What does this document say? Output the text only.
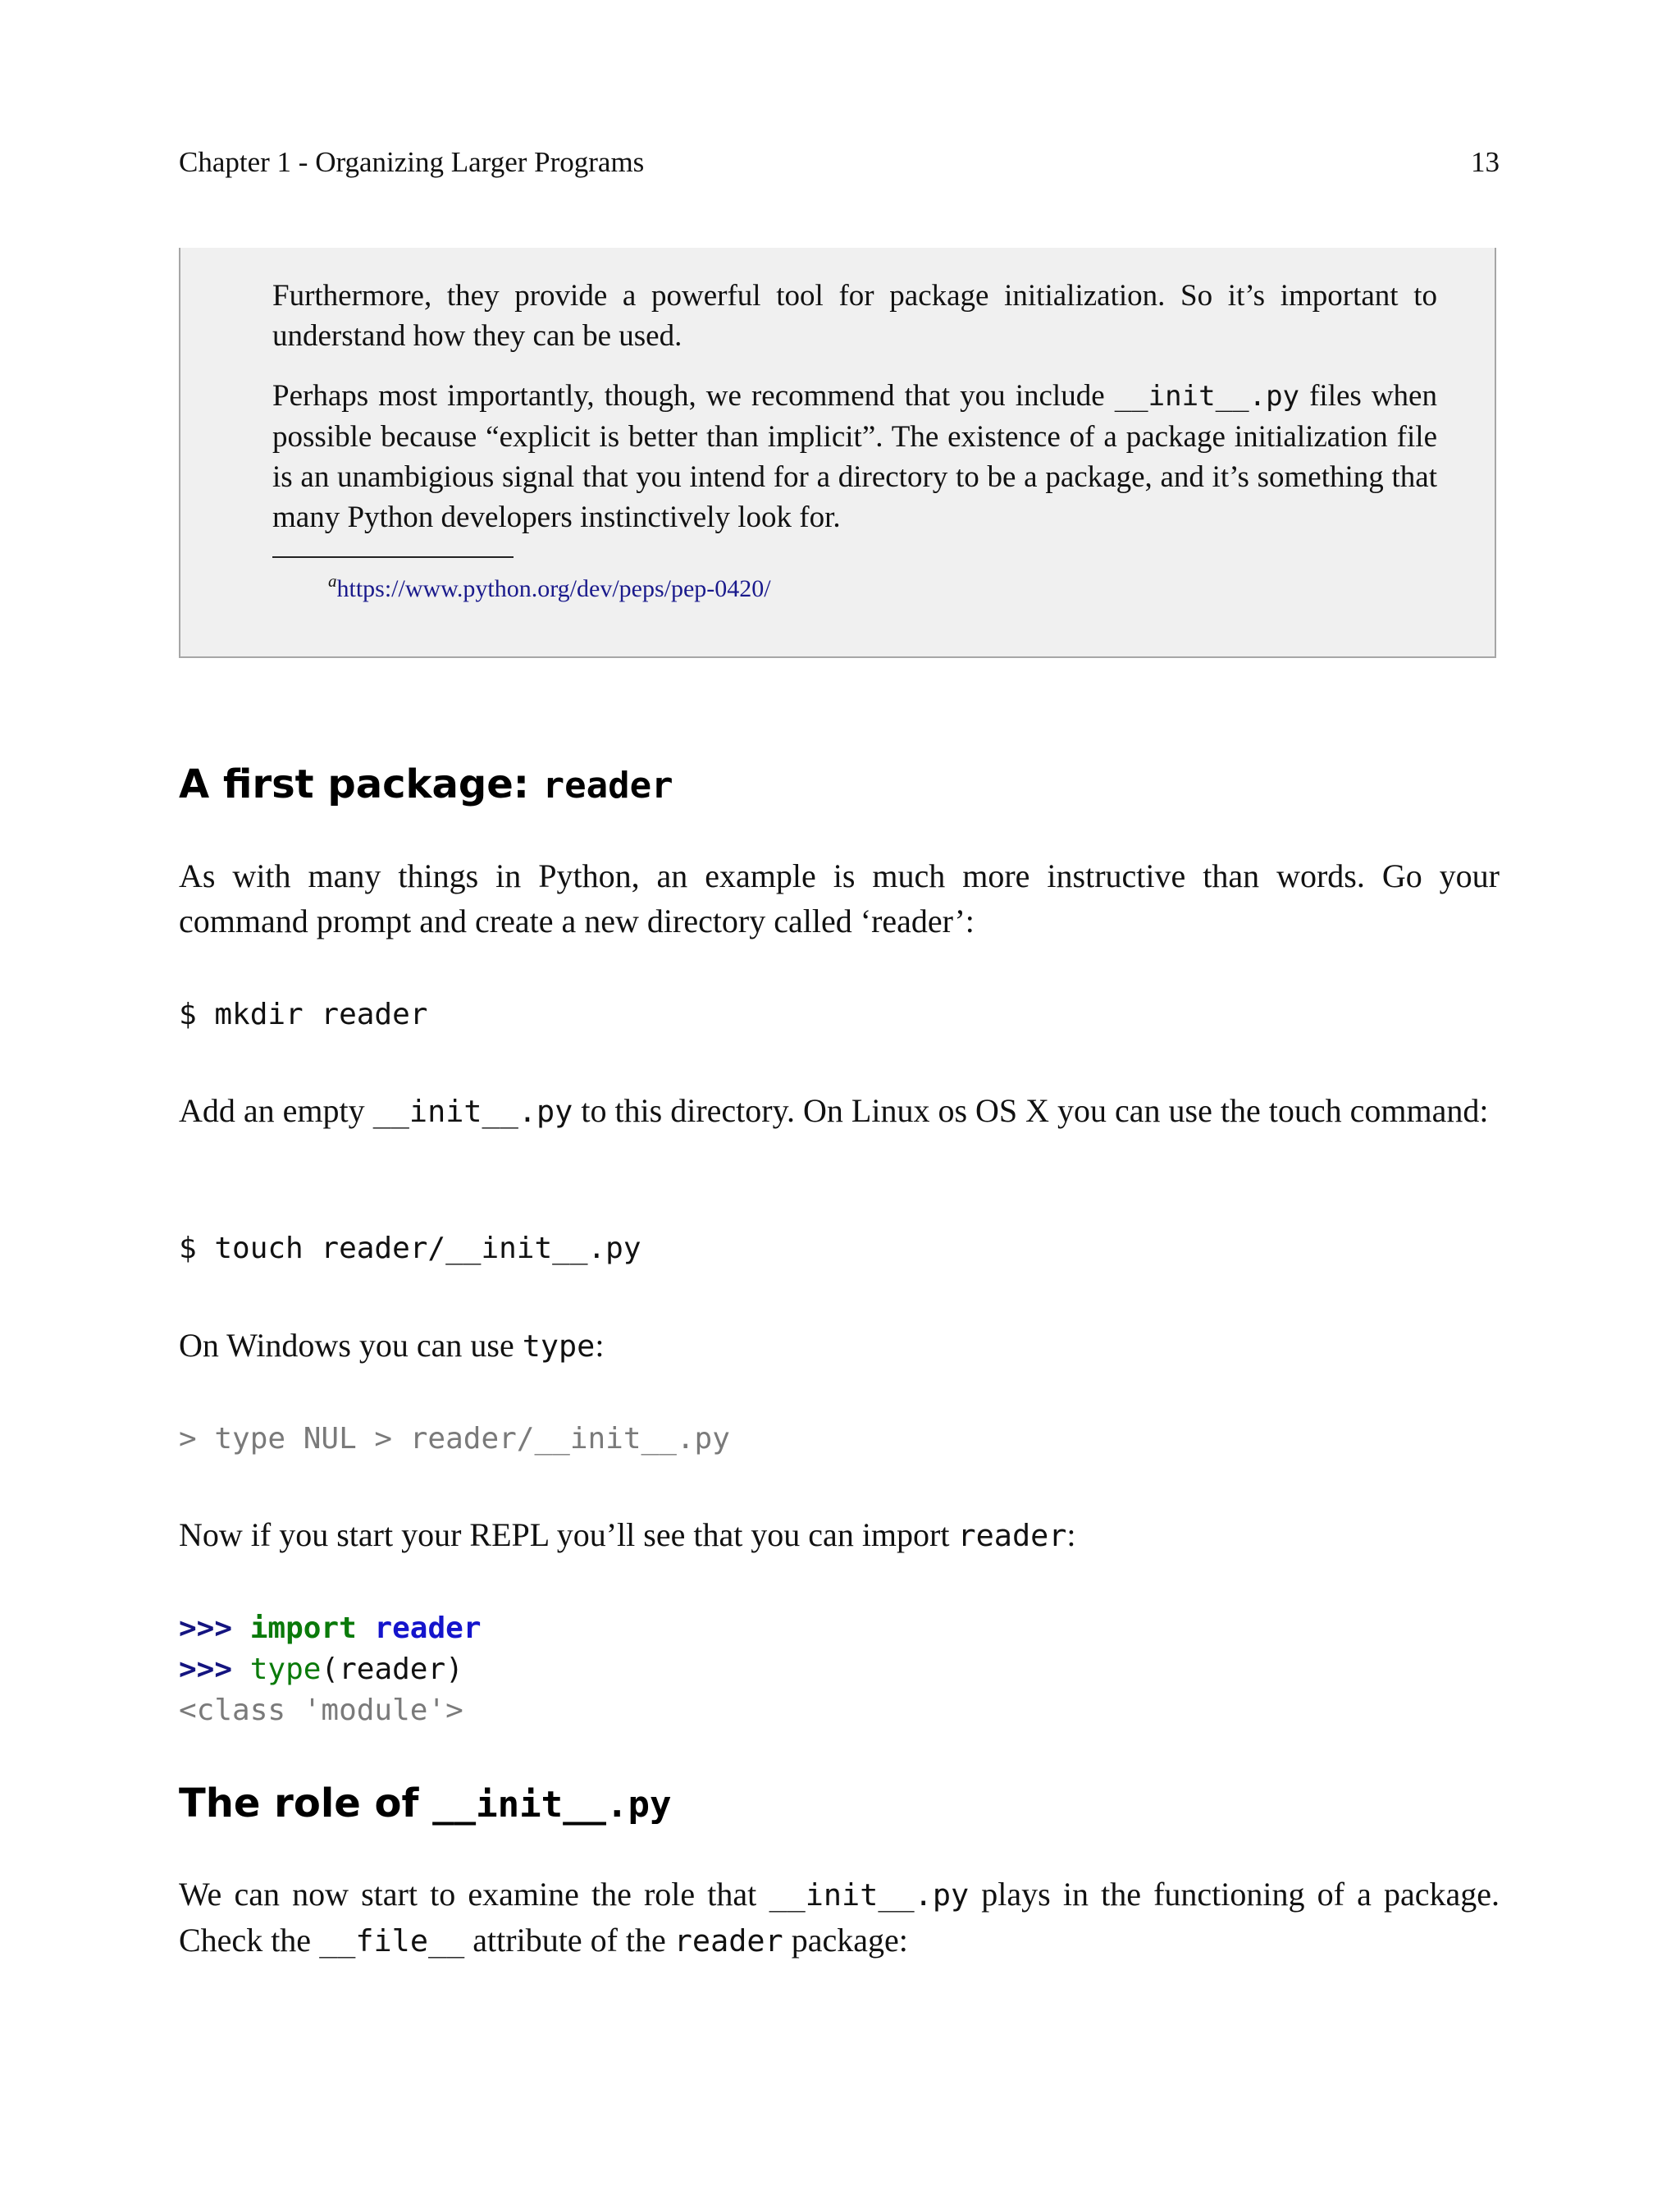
Chapter 1 - Organizing Larger Programs	13

Furthermore, they provide a powerful tool for package initialization. So it’s important to understand how they can be used.

Perhaps most importantly, though, we recommend that you include __init__.py files when possible because “explicit is better than implicit”. The existence of a package initialization file is an unambigious signal that you intend for a directory to be a package, and it’s something that many Python developers instinctively look for.

$^a$https://www.python.org/dev/peps/pep-0420/
A first package: reader

As with many things in Python, an example is much more instructive than words. Go your command prompt and create a new directory called ‘reader’:

$ mkdir reader

Add an empty __init__.py to this directory. On Linux os OS X you can use the touch command:

$ touch reader/__init__.py

On Windows you can use type:

> type NUL > reader/__init__.py

Now if you start your REPL you’ll see that you can import reader:

>>> import reader
>>> type(reader)
<class 'module'>
The role of __init__.py

We can now start to examine the role that __init__.py plays in the functioning of a package. Check the __file__ attribute of the reader package:
